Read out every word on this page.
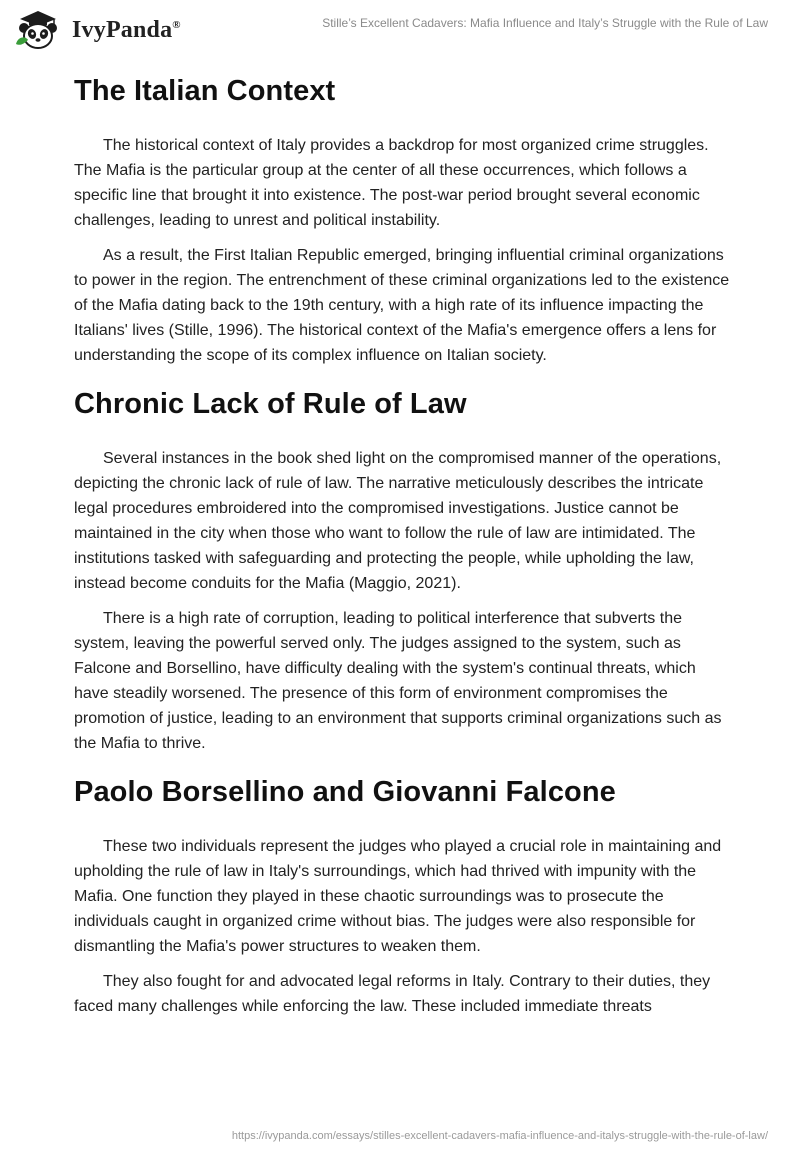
IvyPanda®	Stille’s Excellent Cadavers: Mafia Influence and Italy’s Struggle with the Rule of Law
The Italian Context

The historical context of Italy provides a backdrop for most organized crime struggles. The Mafia is the particular group at the center of all these occurrences, which follows a specific line that brought it into existence. The post-war period brought several economic challenges, leading to unrest and political instability.

As a result, the First Italian Republic emerged, bringing influential criminal organizations to power in the region. The entrenchment of these criminal organizations led to the existence of the Mafia dating back to the 19th century, with a high rate of its influence impacting the Italians' lives (Stille, 1996). The historical context of the Mafia's emergence offers a lens for understanding the scope of its complex influence on Italian society.

Chronic Lack of Rule of Law

Several instances in the book shed light on the compromised manner of the operations, depicting the chronic lack of rule of law. The narrative meticulously describes the intricate legal procedures embroidered into the compromised investigations. Justice cannot be maintained in the city when those who want to follow the rule of law are intimidated. The institutions tasked with safeguarding and protecting the people, while upholding the law, instead become conduits for the Mafia (Maggio, 2021).

There is a high rate of corruption, leading to political interference that subverts the system, leaving the powerful served only. The judges assigned to the system, such as Falcone and Borsellino, have difficulty dealing with the system's continual threats, which have steadily worsened. The presence of this form of environment compromises the promotion of justice, leading to an environment that supports criminal organizations such as the Mafia to thrive.

Paolo Borsellino and Giovanni Falcone

These two individuals represent the judges who played a crucial role in maintaining and upholding the rule of law in Italy's surroundings, which had thrived with impunity with the Mafia. One function they played in these chaotic surroundings was to prosecute the individuals caught in organized crime without bias. The judges were also responsible for dismantling the Mafia's power structures to weaken them.

They also fought for and advocated legal reforms in Italy. Contrary to their duties, they faced many challenges while enforcing the law. These included immediate threats

https://ivypanda.com/essays/stilles-excellent-cadavers-mafia-influence-and-italys-struggle-with-the-rule-of-law/
